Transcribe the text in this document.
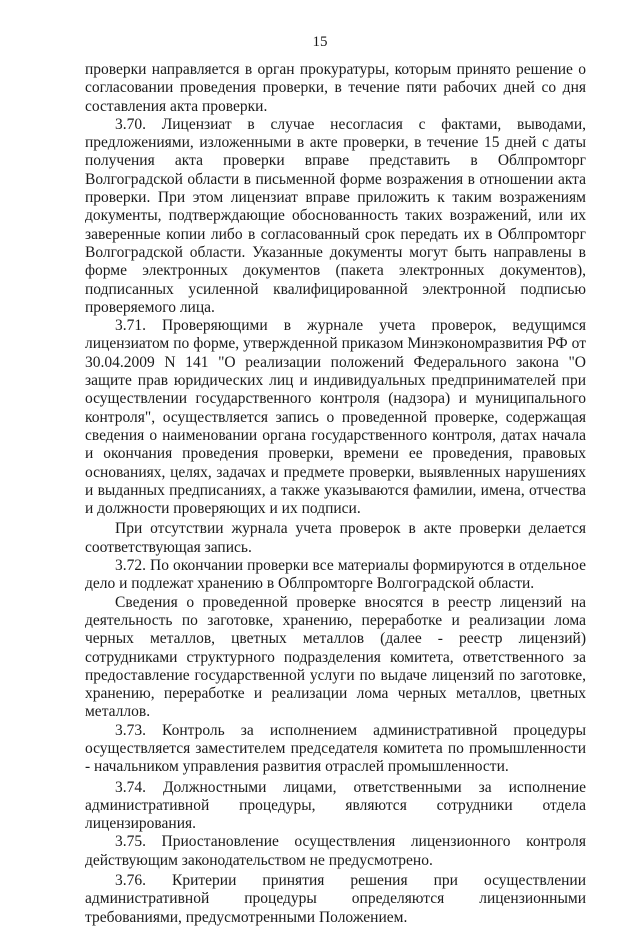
15

проверки направляется в орган прокуратуры, которым принято решение о согласовании проведения проверки, в течение пяти рабочих дней со дня составления акта проверки.

3.70. Лицензиат в случае несогласия с фактами, выводами, предложениями, изложенными в акте проверки, в течение 15 дней с даты получения акта проверки вправе представить в Облпромторг Волгоградской области в письменной форме возражения в отношении акта проверки. При этом лицензиат вправе приложить к таким возражениям документы, подтверждающие обоснованность таких возражений, или их заверенные копии либо в согласованный срок передать их в Облпромторг Волгоградской области. Указанные документы могут быть направлены в форме электронных документов (пакета электронных документов), подписанных усиленной квалифицированной электронной подписью проверяемого лица.

3.71. Проверяющими в журнале учета проверок, ведущимся лицензиатом по форме, утвержденной приказом Минэкономразвития РФ от 30.04.2009 N 141 "О реализации положений Федерального закона "О защите прав юридических лиц и индивидуальных предпринимателей при осуществлении государственного контроля (надзора) и муниципального контроля", осуществляется запись о проведенной проверке, содержащая сведения о наименовании органа государственного контроля, датах начала и окончания проведения проверки, времени ее проведения, правовых основаниях, целях, задачах и предмете проверки, выявленных нарушениях и выданных предписаниях, а также указываются фамилии, имена, отчества и должности проверяющих и их подписи.

При отсутствии журнала учета проверок в акте проверки делается соответствующая запись.

3.72. По окончании проверки все материалы формируются в отдельное дело и подлежат хранению в Облпромторге Волгоградской области.

Сведения о проведенной проверке вносятся в реестр лицензий на деятельность по заготовке, хранению, переработке и реализации лома черных металлов, цветных металлов (далее - реестр лицензий) сотрудниками структурного подразделения комитета, ответственного за предоставление государственной услуги по выдаче лицензий по заготовке, хранению, переработке и реализации лома черных металлов, цветных металлов.

3.73. Контроль за исполнением административной процедуры осуществляется заместителем председателя комитета по промышленности - начальником управления развития отраслей промышленности.

3.74. Должностными лицами, ответственными за исполнение административной процедуры, являются сотрудники отдела лицензирования.

3.75. Приостановление осуществления лицензионного контроля действующим законодательством не предусмотрено.

3.76. Критерии принятия решения при осуществлении административной процедуры определяются лицензионными требованиями, предусмотренными Положением.
